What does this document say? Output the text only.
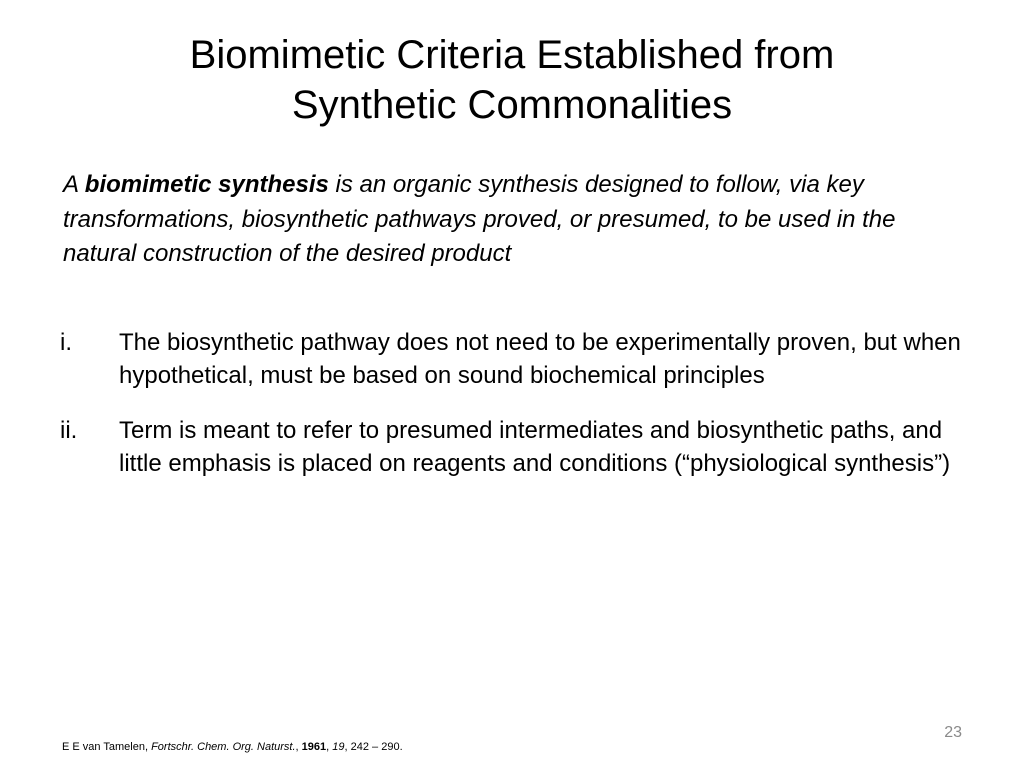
Biomimetic Criteria Established from
Synthetic Commonalities

A biomimetic synthesis is an organic synthesis designed to follow, via key transformations, biosynthetic pathways proved, or presumed, to be used in the natural construction of the desired product

i. The biosynthetic pathway does not need to be experimentally proven, but when hypothetical, must be based on sound biochemical principles
ii. Term is meant to refer to presumed intermediates and biosynthetic paths, and little emphasis is placed on reagents and conditions (“physiological synthesis”)
23
E E van Tamelen, Fortschr. Chem. Org. Naturst., 1961, 19, 242 – 290.
